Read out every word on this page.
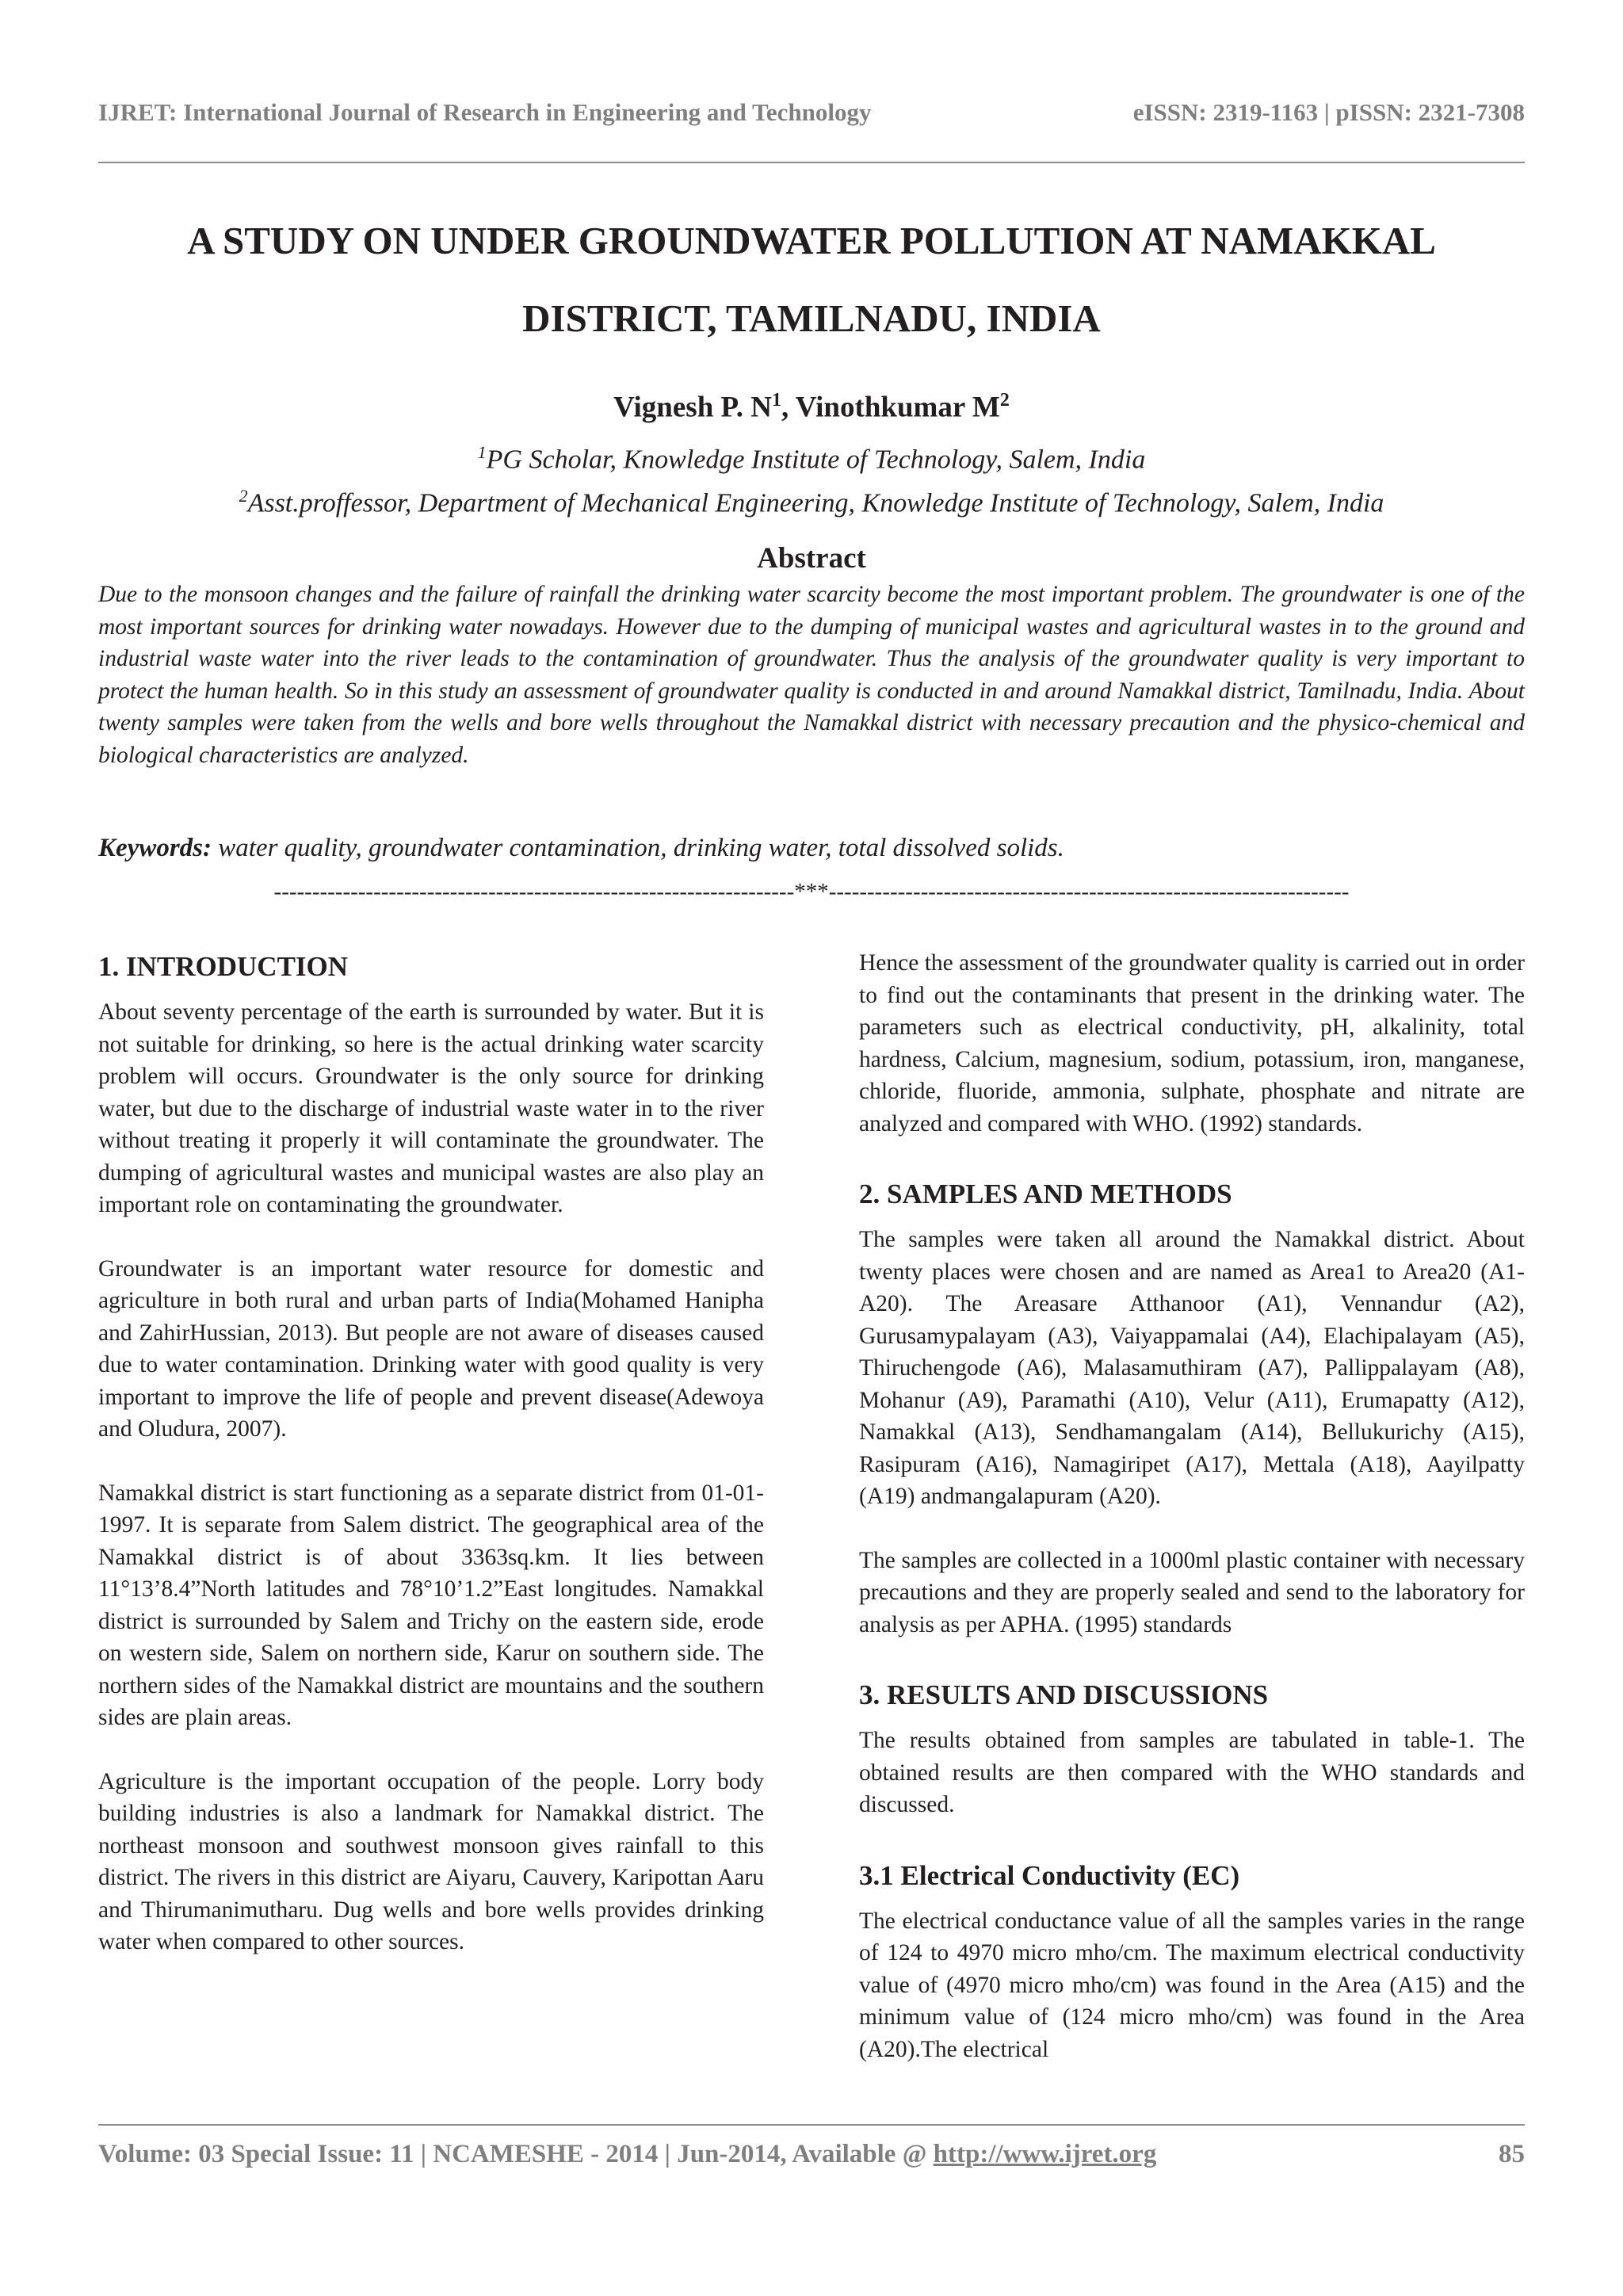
IJRET: International Journal of Research in Engineering and Technology	eISSN: 2319-1163 | pISSN: 2321-7308
A STUDY ON UNDER GROUNDWATER POLLUTION AT NAMAKKAL
DISTRICT, TAMILNADU, INDIA
Vignesh P. $N^1$, Vinothkumar $M^2$
$^1$PG Scholar, Knowledge Institute of Technology, Salem, India
$^2$Asst.proffessor, Department of Mechanical Engineering, Knowledge Institute of Technology, Salem, India
Abstract

Due to the monsoon changes and the failure of rainfall the drinking water scarcity become the most important problem. The groundwater is one of the most important sources for drinking water nowadays. However due to the dumping of municipal wastes and agricultural wastes in to the ground and industrial waste water into the river leads to the contamination of groundwater. Thus the analysis of the groundwater quality is very important to protect the human health. So in this study an assessment of groundwater quality is conducted in and around Namakkal district, Tamilnadu, India. About twenty samples were taken from the wells and bore wells throughout the Namakkal district with necessary precaution and the physico-chemical and biological characteristics are analyzed.

Keywords: water quality, groundwater contamination, drinking water, total dissolved solids.
--------------------------------------------------------------------***--------------------------------------------------------------------
1. INTRODUCTION

About seventy percentage of the earth is surrounded by water. But it is not suitable for drinking, so here is the actual drinking water scarcity problem will occurs. Groundwater is the only source for drinking water, but due to the discharge of industrial waste water in to the river without treating it properly it will contaminate the groundwater. The dumping of agricultural wastes and municipal wastes are also play an important role on contaminating the groundwater.

Groundwater is an important water resource for domestic and agriculture in both rural and urban parts of India(Mohamed Hanipha and ZahirHussian, 2013). But people are not aware of diseases caused due to water contamination. Drinking water with good quality is very important to improve the life of people and prevent disease(Adewoya and Oludura, 2007).

Namakkal district is start functioning as a separate district from 01-01-1997. It is separate from Salem district. The geographical area of the Namakkal district is of about 3363sq.km. It lies between 11°13’8.4”North latitudes and 78°10’1.2”East longitudes. Namakkal district is surrounded by Salem and Trichy on the eastern side, erode on western side, Salem on northern side, Karur on southern side. The northern sides of the Namakkal district are mountains and the southern sides are plain areas.

Agriculture is the important occupation of the people. Lorry body building industries is also a landmark for Namakkal district. The northeast monsoon and southwest monsoon gives rainfall to this district. The rivers in this district are Aiyaru, Cauvery, Karipottan Aaru and Thirumanimutharu. Dug wells and bore wells provides drinking water when compared to other sources.

Hence the assessment of the groundwater quality is carried out in order to find out the contaminants that present in the drinking water. The parameters such as electrical conductivity, pH, alkalinity, total hardness, Calcium, magnesium, sodium, potassium, iron, manganese, chloride, fluoride, ammonia, sulphate, phosphate and nitrate are analyzed and compared with WHO. (1992) standards.

2. SAMPLES AND METHODS

The samples were taken all around the Namakkal district. About twenty places were chosen and are named as Area1 to Area20 (A1-A20). The Areasare Atthanoor (A1), Vennandur (A2), Gurusamypalayam (A3), Vaiyappamalai (A4), Elachipalayam (A5), Thiruchengode (A6), Malasamuthiram (A7), Pallippalayam (A8), Mohanur (A9), Paramathi (A10), Velur (A11), Erumapatty (A12), Namakkal (A13), Sendhamangalam (A14), Bellukurichy (A15), Rasipuram (A16), Namagiripet (A17), Mettala (A18), Aayilpatty (A19) andmangalapuram (A20).

The samples are collected in a 1000ml plastic container with necessary precautions and they are properly sealed and send to the laboratory for analysis as per APHA. (1995) standards

3. RESULTS AND DISCUSSIONS

The results obtained from samples are tabulated in table-1. The obtained results are then compared with the WHO standards and discussed.

3.1 Electrical Conductivity (EC)

The electrical conductance value of all the samples varies in the range of 124 to 4970 micro mho/cm. The maximum electrical conductivity value of (4970 micro mho/cm) was found in the Area (A15) and the minimum value of (124 micro mho/cm) was found in the Area (A20).The electrical

Volume: 03 Special Issue: 11 | NCAMESHE - 2014 | Jun-2014, Available @ http://www.ijret.org	85
